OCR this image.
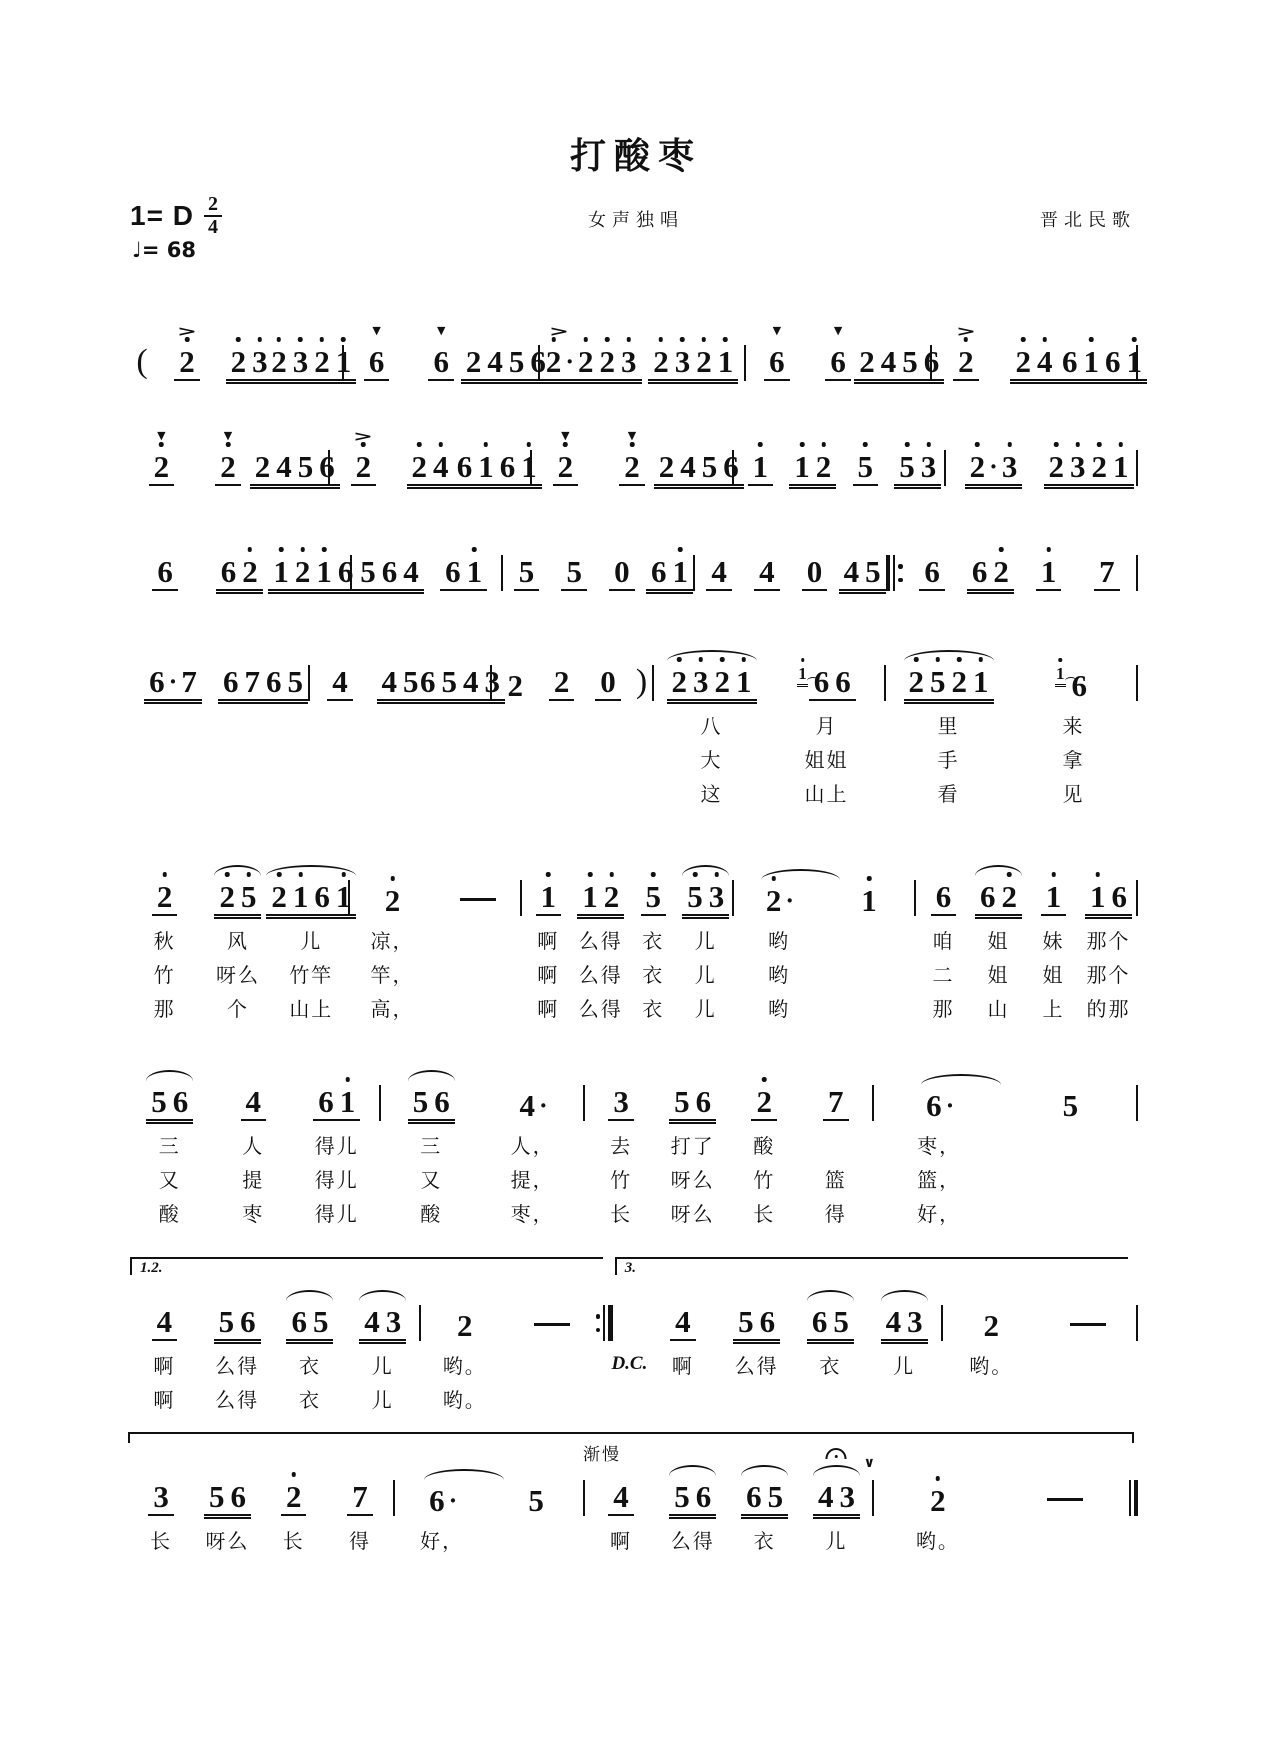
打酸枣
1= D $\frac{2}{4}$
♩= 68
女声独唱	晋北民歌
( 2
>
2 3 2 3 2 1 6
▼
6
▼
2 4 5 6 2 · 2 2 3
>
2 3 2 1 6
▼
6
▼
2 4 5 6 2
>
2 4 6 1 6 1
2
▼
2
▼
2 4 5 6 2
>
2 4 6 1 6 1 2
▼
2
▼
2 4 5 6 1 1 2 5 5 3 2 · 3 2 3 2 1
6 6 2 1 2 1 6 5 6 4 6 1 5 5 0 6 1 4 4 0 4 5 6 6 2 1 7
6 · 7 6 7 6 5 4 4 5 6 5 4 3 2 2 0 ) 2 3 2 1
八
大
这
1 6 6
月
姐姐
山上
2 5 2 1
里
手
看
1 6
来
拿
见
2
秋
竹
那
2 5
风
呀么
个
2 1 6 1
儿
竹竿
山上
2
凉，
竿，
高，
1
啊
啊
啊
1 2
么得
么得
么得
5
衣
衣
衣
5 3
儿
儿
儿
2 ·
哟
哟
哟
1 6
咱
二
那
6 2
姐
姐
山
1
妹
姐
上
1 6
那个
那个
的那
5 6
三
又
酸
4
人
提
枣
6 1
得儿
得儿
得儿
5 6
三
又
酸
4 ·
人，
提，
枣，
3
去
竹
长
5 6
打了
呀么
呀么
2
酸
竹
长
7
篮
得
6 ·
枣，
篮，
好，
5
1.2.
4
啊
啊
5 6
么得
么得
6 5
衣
衣
4 3
儿
儿
2
哟。
哟。
3.
D.C.
4
啊
5 6
么得
6 5
衣
4 3
儿
2
哟。
3
长
5 6
呀么
2
长
7
得
6 ·
好，
5
渐慢
4
啊
5 6
么得
6 5
衣
4 3
∨
儿
2
哟。
